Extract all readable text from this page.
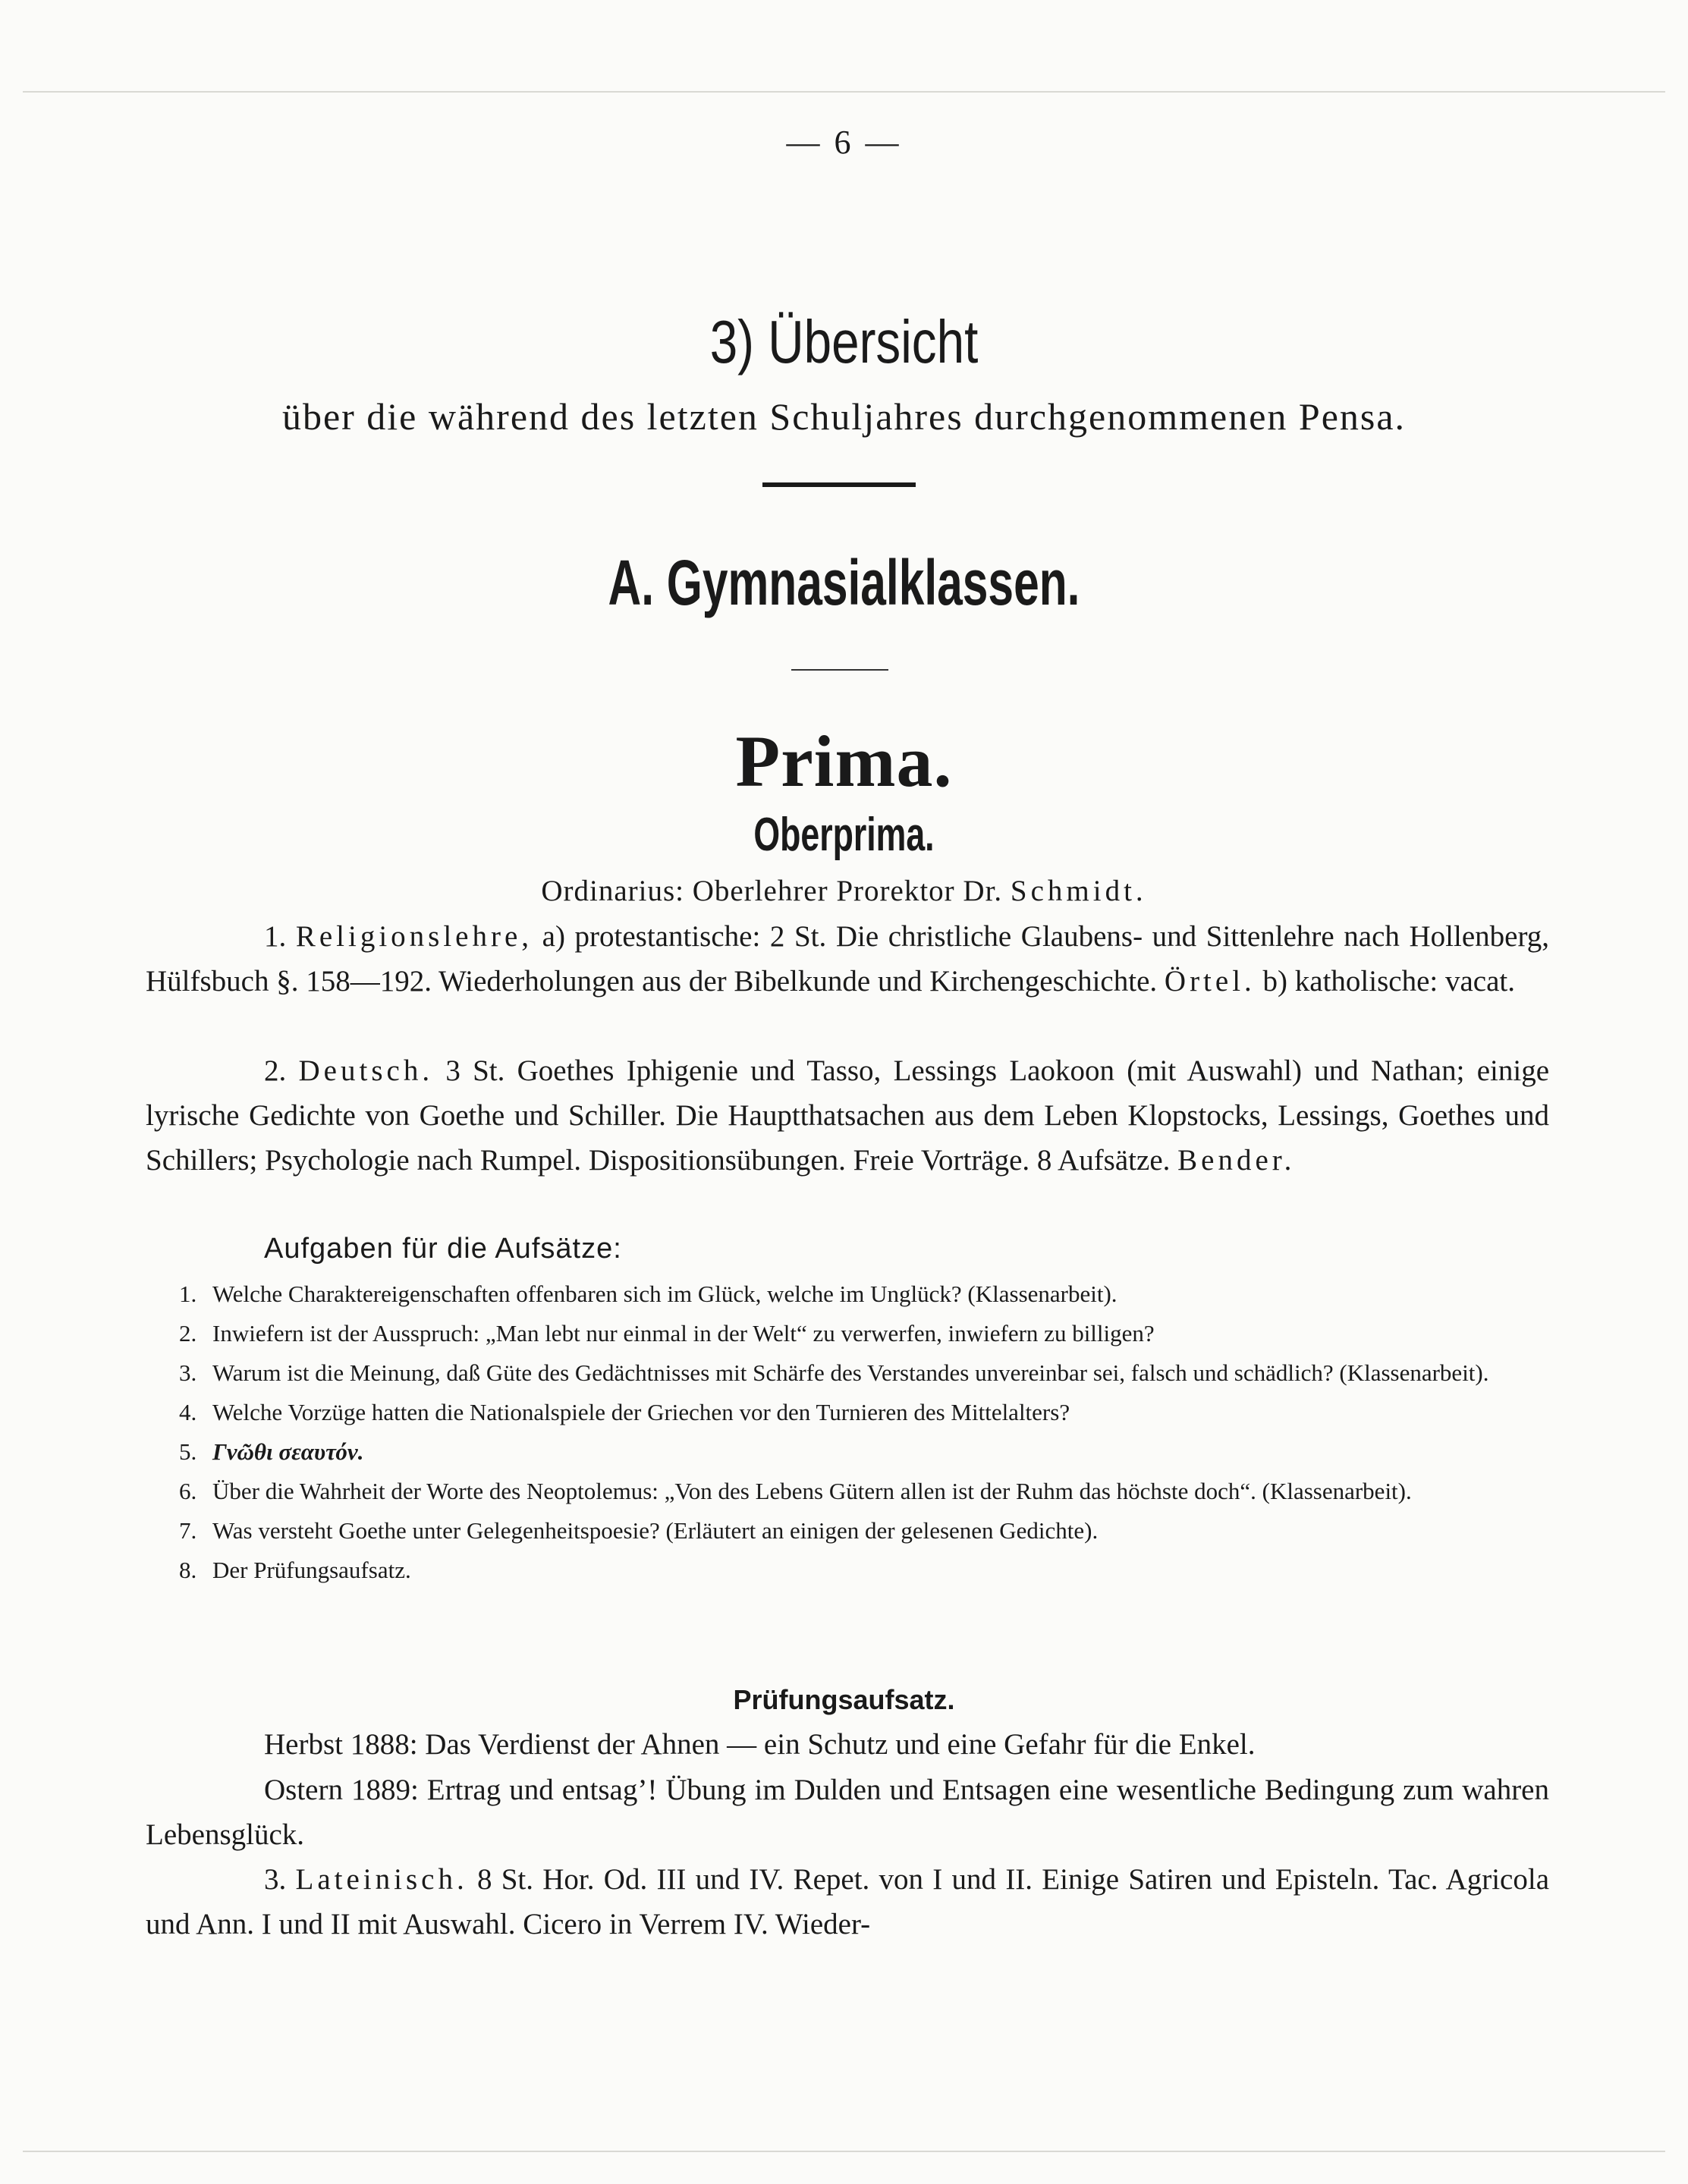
— 6 —
3) Übersicht
über die während des letzten Schuljahres durchgenommenen Pensa.
A. Gymnasialklassen.
Prima.
Oberprima.
Ordinarius: Oberlehrer Prorektor Dr. Schmidt.
1. Religionslehre, a) protestantische: 2 St. Die christliche Glaubens- und Sittenlehre nach Hollenberg, Hülfsbuch §. 158—192. Wiederholungen aus der Bibelkunde und Kirchengeschichte. Örtel. b) katholische: vacat.
2. Deutsch. 3 St. Goethes Iphigenie und Tasso, Lessings Laokoon (mit Auswahl) und Nathan; einige lyrische Gedichte von Goethe und Schiller. Die Hauptthatsachen aus dem Leben Klopstocks, Lessings, Goethes und Schillers; Psychologie nach Rumpel. Dispositionsübungen. Freie Vorträge. 8 Aufsätze. Bender.
Aufgaben für die Aufsätze:
1. Welche Charaktereigenschaften offenbaren sich im Glück, welche im Unglück? (Klassenarbeit).
2. Inwiefern ist der Ausspruch: „Man lebt nur einmal in der Welt“ zu verwerfen, inwiefern zu billigen?
3. Warum ist die Meinung, daß Güte des Gedächtnisses mit Schärfe des Verstandes unvereinbar sei, falsch und schädlich? (Klassenarbeit).
4. Welche Vorzüge hatten die Nationalspiele der Griechen vor den Turnieren des Mittelalters?
5. Γνῶθι σεαυτόν.
6. Über die Wahrheit der Worte des Neoptolemus: „Von des Lebens Gütern allen ist der Ruhm das höchste doch“. (Klassenarbeit).
7. Was versteht Goethe unter Gelegenheitspoesie? (Erläutert an einigen der gelesenen Gedichte).
8. Der Prüfungsaufsatz.
Prüfungsaufsatz.
Herbst 1888: Das Verdienst der Ahnen — ein Schutz und eine Gefahr für die Enkel.
Ostern 1889: Ertrag und entsag’! Übung im Dulden und Entsagen eine wesentliche Bedingung zum wahren Lebensglück.
3. Lateinisch. 8 St. Hor. Od. III und IV. Repet. von I und II. Einige Satiren und Episteln. Tac. Agricola und Ann. I und II mit Auswahl. Cicero in Verrem IV. Wieder-
